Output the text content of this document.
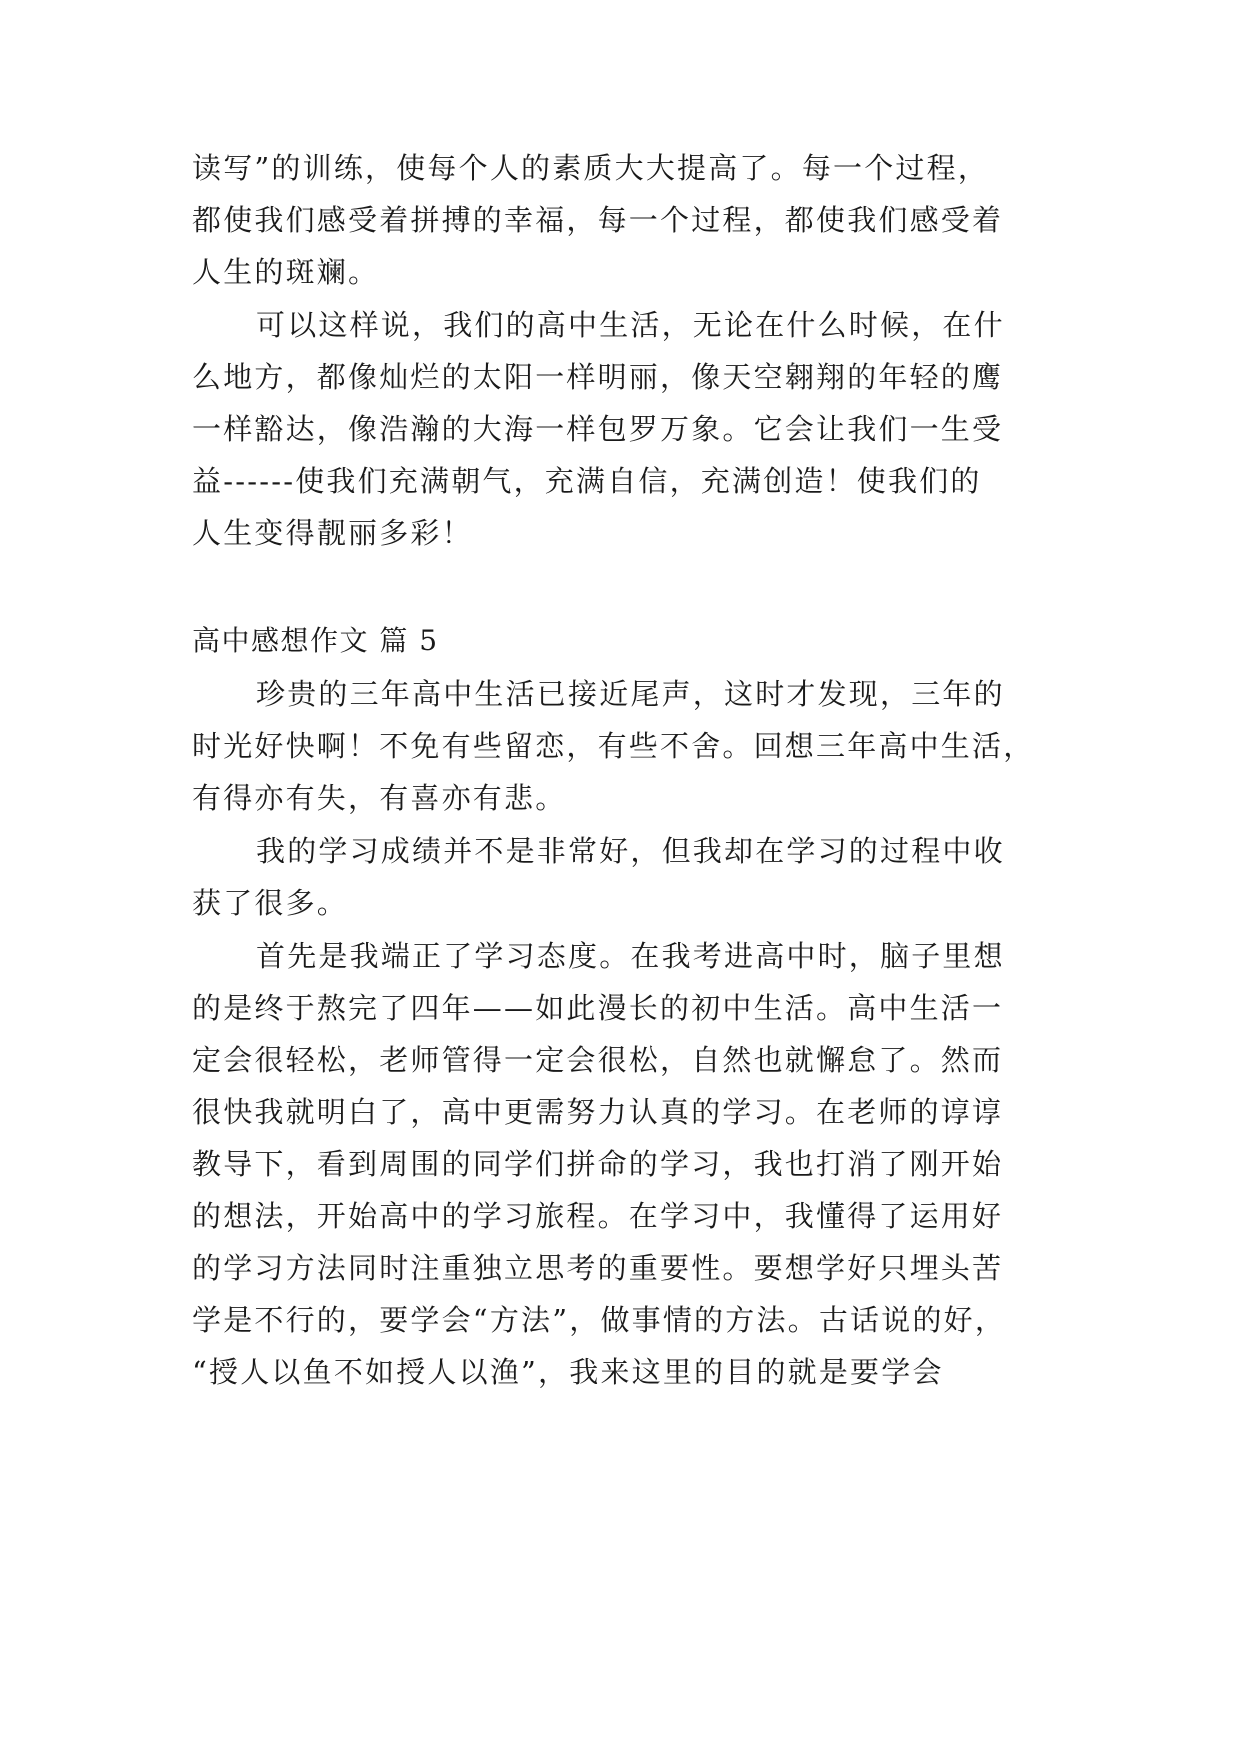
读写”的训练，使每个人的素质大大提高了。每一个过程，
都使我们感受着拼搏的幸福，每一个过程，都使我们感受着
人生的斑斓。
可以这样说，我们的高中生活，无论在什么时候，在什
么地方，都像灿烂的太阳一样明丽，像天空翱翔的年轻的鹰
一样豁达，像浩瀚的大海一样包罗万象。它会让我们一生受
益------使我们充满朝气，充满自信，充满创造！使我们的
人生变得靓丽多彩！
高中感想作文 篇 5
珍贵的三年高中生活已接近尾声，这时才发现，三年的
时光好快啊！不免有些留恋，有些不舍。回想三年高中生活，
有得亦有失，有喜亦有悲。
我的学习成绩并不是非常好，但我却在学习的过程中收
获了很多。
首先是我端正了学习态度。在我考进高中时，脑子里想
的是终于熬完了四年——如此漫长的初中生活。高中生活一
定会很轻松，老师管得一定会很松，自然也就懈怠了。然而
很快我就明白了，高中更需努力认真的学习。在老师的谆谆
教导下，看到周围的同学们拼命的学习，我也打消了刚开始
的想法，开始高中的学习旅程。在学习中，我懂得了运用好
的学习方法同时注重独立思考的重要性。要想学好只埋头苦
学是不行的，要学会“方法”，做事情的方法。古话说的好，
“授人以鱼不如授人以渔”，我来这里的目的就是要学会
